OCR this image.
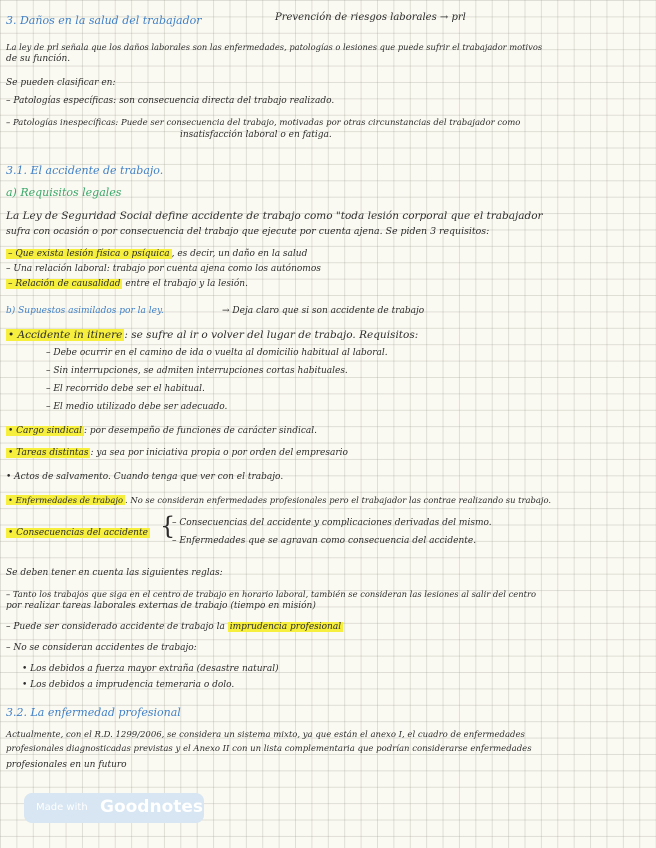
3. Daños en la salud del trabajador	Prevención de riesgos laborales → prl
La ley de prl señala que los daños laborales son las enfermedades, patologías o lesiones que puede sufrir el trabajador motivos
de su función.
Se pueden clasificar en:
– Patologías específicas: son consecuencia directa del trabajo realizado.
– Patologías inespecíficas: Puede ser consecuencia del trabajo, motivadas por otras circunstancias del trabajador como
insatisfacción laboral o en fatiga.
3.1. El accidente de trabajo.
a) Requisitos legales
La Ley de Seguridad Social define accidente de trabajo como "toda lesión corporal que el trabajador
sufra con ocasión o por consecuencia del trabajo que ejecute por cuenta ajena. Se piden 3 requisitos:
– Que exista lesión física o psíquica , es decir, un daño en la salud
– Una relación laboral: trabajo por cuenta ajena como los autónomos
– Relación de causalidad entre el trabajo y la lesión.
b) Supuestos asimilados por la ley.	→ Deja claro que si son accidente de trabajo
• Accidente in itinere : se sufre al ir o volver del lugar de trabajo. Requisitos:
– Debe ocurrir en el camino de ida o vuelta al domicilio habitual al laboral.
– Sin interrupciones, se admiten interrupciones cortas habituales.
– El recorrido debe ser el habitual.
– El medio utilizado debe ser adecuado.
• Cargo sindical : por desempeño de funciones de carácter sindical.
• Tareas distintas : ya sea por iniciativa propia o por orden del empresario
• Actos de salvamento. Cuando tenga que ver con el trabajo.
• Enfermedades de trabajo . No se consideran enfermedades profesionales pero el trabajador las contrae realizando su trabajo.
• Consecuencias del accidente {
– Consecuencias del accidente y complicaciones derivadas del mismo.
– Enfermedades que se agravan como consecuencia del accidente.
Se deben tener en cuenta las siguientes reglas:
– Tanto los trabajos que siga en el centro de trabajo en horario laboral, también se consideran las lesiones al salir del centro
por realizar tareas laborales externas de trabajo (tiempo en misión)
– Puede ser considerado accidente de trabajo la imprudencia profesional
– No se consideran accidentes de trabajo:
• Los debidos a fuerza mayor extraña (desastre natural)
• Los debidos a imprudencia temeraria o dolo.
3.2. La enfermedad profesional
Actualmente, con el R.D. 1299/2006, se considera un sistema mixto, ya que están el anexo I, el cuadro de enfermedades
profesionales diagnosticadas previstas y el Anexo II con un lista complementaria que podrían considerarse enfermedades
profesionales en un futuro
Made with Goodnotes
